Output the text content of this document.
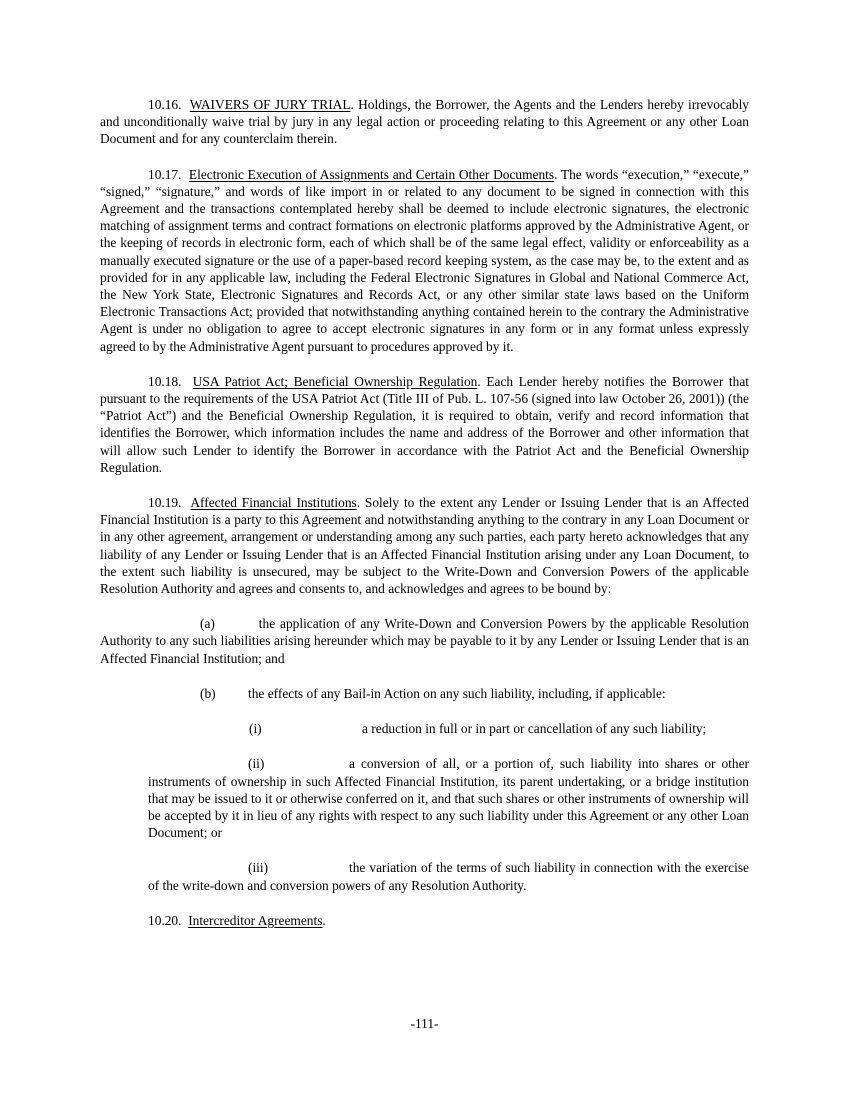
10.16. WAIVERS OF JURY TRIAL. Holdings, the Borrower, the Agents and the Lenders hereby irrevocably and unconditionally waive trial by jury in any legal action or proceeding relating to this Agreement or any other Loan Document and for any counterclaim therein.

10.17. Electronic Execution of Assignments and Certain Other Documents. The words “execution,” “execute,” “signed,” “signature,” and words of like import in or related to any document to be signed in connection with this Agreement and the transactions contemplated hereby shall be deemed to include electronic signatures, the electronic matching of assignment terms and contract formations on electronic platforms approved by the Administrative Agent, or the keeping of records in electronic form, each of which shall be of the same legal effect, validity or enforceability as a manually executed signature or the use of a paper-based record keeping system, as the case may be, to the extent and as provided for in any applicable law, including the Federal Electronic Signatures in Global and National Commerce Act, the New York State, Electronic Signatures and Records Act, or any other similar state laws based on the Uniform Electronic Transactions Act; provided that notwithstanding anything contained herein to the contrary the Administrative Agent is under no obligation to agree to accept electronic signatures in any form or in any format unless expressly agreed to by the Administrative Agent pursuant to procedures approved by it.

10.18. USA Patriot Act; Beneficial Ownership Regulation. Each Lender hereby notifies the Borrower that pursuant to the requirements of the USA Patriot Act (Title III of Pub. L. 107-56 (signed into law October 26, 2001)) (the “Patriot Act”) and the Beneficial Ownership Regulation, it is required to obtain, verify and record information that identifies the Borrower, which information includes the name and address of the Borrower and other information that will allow such Lender to identify the Borrower in accordance with the Patriot Act and the Beneficial Ownership Regulation.

10.19. Affected Financial Institutions. Solely to the extent any Lender or Issuing Lender that is an Affected Financial Institution is a party to this Agreement and notwithstanding anything to the contrary in any Loan Document or in any other agreement, arrangement or understanding among any such parties, each party hereto acknowledges that any liability of any Lender or Issuing Lender that is an Affected Financial Institution arising under any Loan Document, to the extent such liability is unsecured, may be subject to the Write-Down and Conversion Powers of the applicable Resolution Authority and agrees and consents to, and acknowledges and agrees to be bound by:

(a)	the application of any Write-Down and Conversion Powers by the applicable Resolution Authority to any such liabilities arising hereunder which may be payable to it by any Lender or Issuing Lender that is an Affected Financial Institution; and

(b) the effects of any Bail-in Action on any such liability, including, if applicable:

(i)	a reduction in full or in part or cancellation of any such liability;

(ii)	a conversion of all, or a portion of, such liability into shares or other instruments of ownership in such Affected Financial Institution, its parent undertaking, or a bridge institution that may be issued to it or otherwise conferred on it, and that such shares or other instruments of ownership will be accepted by it in lieu of any rights with respect to any such liability under this Agreement or any other Loan Document; or

(iii)	the variation of the terms of such liability in connection with the exercise of the write-down and conversion powers of any Resolution Authority.

10.20. Intercreditor Agreements.

-111-
